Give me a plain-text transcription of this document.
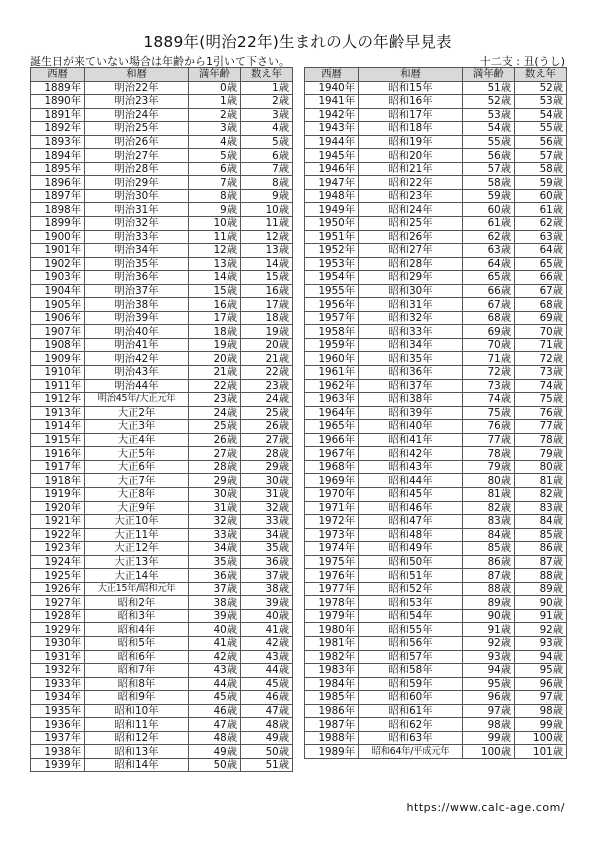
1889年(明治22年)生まれの人の年齢早見表
誕生日が来ていない場合は年齢から1引いて下さい。	十二支 : 丑(うし)
西暦	和暦	満年齢	数え年
1889年	明治22年	0歳	1歳
1890年	明治23年	1歳	2歳
1891年	明治24年	2歳	3歳
1892年	明治25年	3歳	4歳
1893年	明治26年	4歳	5歳
1894年	明治27年	5歳	6歳
1895年	明治28年	6歳	7歳
1896年	明治29年	7歳	8歳
1897年	明治30年	8歳	9歳
1898年	明治31年	9歳	10歳
1899年	明治32年	10歳	11歳
1900年	明治33年	11歳	12歳
1901年	明治34年	12歳	13歳
1902年	明治35年	13歳	14歳
1903年	明治36年	14歳	15歳
1904年	明治37年	15歳	16歳
1905年	明治38年	16歳	17歳
1906年	明治39年	17歳	18歳
1907年	明治40年	18歳	19歳
1908年	明治41年	19歳	20歳
1909年	明治42年	20歳	21歳
1910年	明治43年	21歳	22歳
1911年	明治44年	22歳	23歳
1912年	明治45年/大正元年	23歳	24歳
1913年	大正2年	24歳	25歳
1914年	大正3年	25歳	26歳
1915年	大正4年	26歳	27歳
1916年	大正5年	27歳	28歳
1917年	大正6年	28歳	29歳
1918年	大正7年	29歳	30歳
1919年	大正8年	30歳	31歳
1920年	大正9年	31歳	32歳
1921年	大正10年	32歳	33歳
1922年	大正11年	33歳	34歳
1923年	大正12年	34歳	35歳
1924年	大正13年	35歳	36歳
1925年	大正14年	36歳	37歳
1926年	大正15年/昭和元年	37歳	38歳
1927年	昭和2年	38歳	39歳
1928年	昭和3年	39歳	40歳
1929年	昭和4年	40歳	41歳
1930年	昭和5年	41歳	42歳
1931年	昭和6年	42歳	43歳
1932年	昭和7年	43歳	44歳
1933年	昭和8年	44歳	45歳
1934年	昭和9年	45歳	46歳
1935年	昭和10年	46歳	47歳
1936年	昭和11年	47歳	48歳
1937年	昭和12年	48歳	49歳
1938年	昭和13年	49歳	50歳
1939年	昭和14年	50歳	51歳
西暦	和暦	満年齢	数え年
1940年	昭和15年	51歳	52歳
1941年	昭和16年	52歳	53歳
1942年	昭和17年	53歳	54歳
1943年	昭和18年	54歳	55歳
1944年	昭和19年	55歳	56歳
1945年	昭和20年	56歳	57歳
1946年	昭和21年	57歳	58歳
1947年	昭和22年	58歳	59歳
1948年	昭和23年	59歳	60歳
1949年	昭和24年	60歳	61歳
1950年	昭和25年	61歳	62歳
1951年	昭和26年	62歳	63歳
1952年	昭和27年	63歳	64歳
1953年	昭和28年	64歳	65歳
1954年	昭和29年	65歳	66歳
1955年	昭和30年	66歳	67歳
1956年	昭和31年	67歳	68歳
1957年	昭和32年	68歳	69歳
1958年	昭和33年	69歳	70歳
1959年	昭和34年	70歳	71歳
1960年	昭和35年	71歳	72歳
1961年	昭和36年	72歳	73歳
1962年	昭和37年	73歳	74歳
1963年	昭和38年	74歳	75歳
1964年	昭和39年	75歳	76歳
1965年	昭和40年	76歳	77歳
1966年	昭和41年	77歳	78歳
1967年	昭和42年	78歳	79歳
1968年	昭和43年	79歳	80歳
1969年	昭和44年	80歳	81歳
1970年	昭和45年	81歳	82歳
1971年	昭和46年	82歳	83歳
1972年	昭和47年	83歳	84歳
1973年	昭和48年	84歳	85歳
1974年	昭和49年	85歳	86歳
1975年	昭和50年	86歳	87歳
1976年	昭和51年	87歳	88歳
1977年	昭和52年	88歳	89歳
1978年	昭和53年	89歳	90歳
1979年	昭和54年	90歳	91歳
1980年	昭和55年	91歳	92歳
1981年	昭和56年	92歳	93歳
1982年	昭和57年	93歳	94歳
1983年	昭和58年	94歳	95歳
1984年	昭和59年	95歳	96歳
1985年	昭和60年	96歳	97歳
1986年	昭和61年	97歳	98歳
1987年	昭和62年	98歳	99歳
1988年	昭和63年	99歳	100歳
1989年	昭和64年/平成元年	100歳	101歳
https://www.calc-age.com/
